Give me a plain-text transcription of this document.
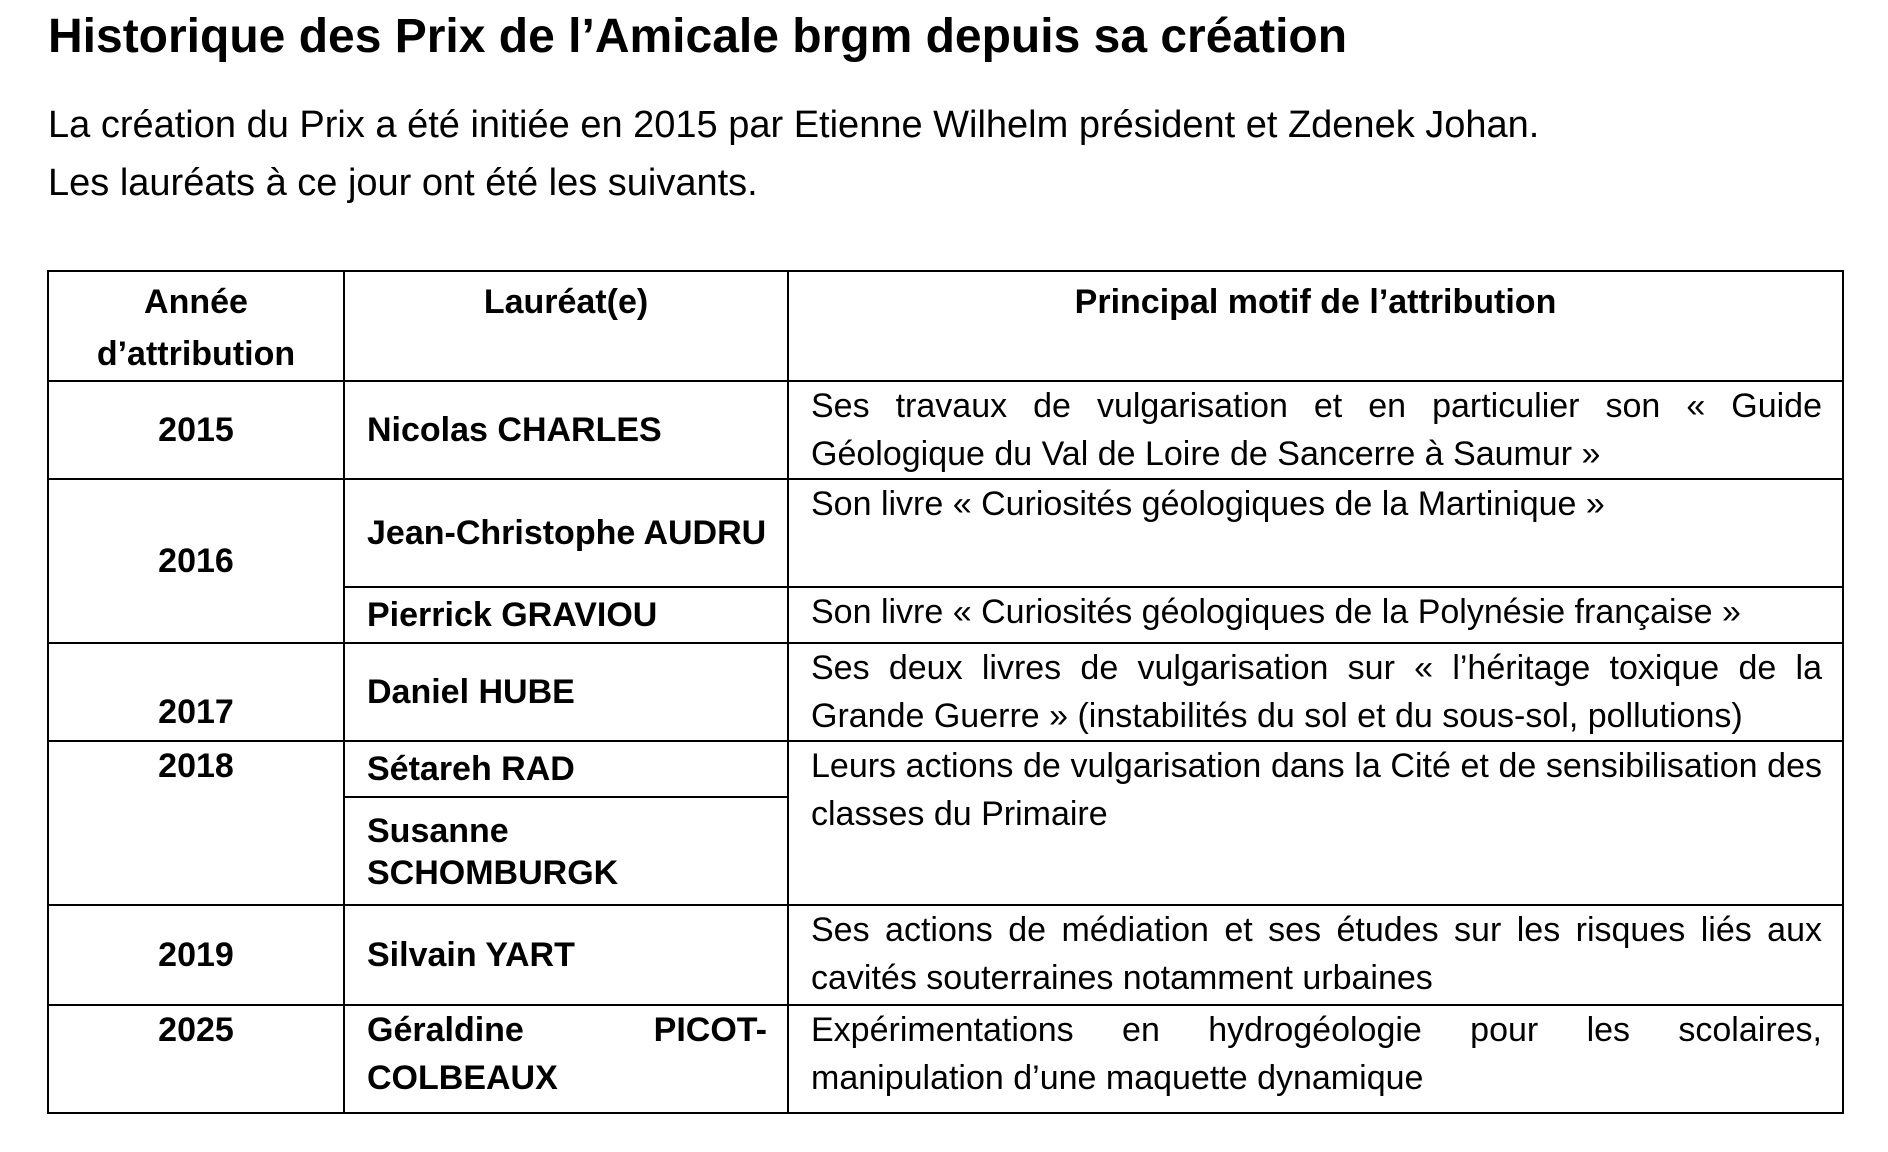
Historique des Prix de l’Amicale brgm depuis sa création

La création du Prix a été initiée en 2015 par Etienne Wilhelm président et Zdenek Johan.

Les lauréats à ce jour ont été les suivants.

Année d’attribution	Lauréat(e)	Principal motif de l’attribution
2015	Nicolas CHARLES	Ses travaux de vulgarisation et en particulier son « Guide Géologique du Val de Loire de Sancerre à Saumur »
2016	Jean-Christophe AUDRU	Son livre « Curiosités géologiques de la Martinique »
	Pierrick GRAVIOU	Son livre « Curiosités géologiques de la Polynésie française »
2017	Daniel HUBE	Ses deux livres de vulgarisation sur « l’héritage toxique de la Grande Guerre » (instabilités du sol et du sous-sol, pollutions)
2018	Sétareh RAD	Leurs actions de vulgarisation dans la Cité et de sensibilisation des classes du Primaire
	Susanne SCHOMBURGK	
2019	Silvain YART	Ses actions de médiation et ses études sur les risques liés aux cavités souterraines notamment urbaines
2025	Géraldine PICOT-COLBEAUX	Expérimentations en hydrogéologie pour les scolaires, manipulation d’une maquette dynamique
